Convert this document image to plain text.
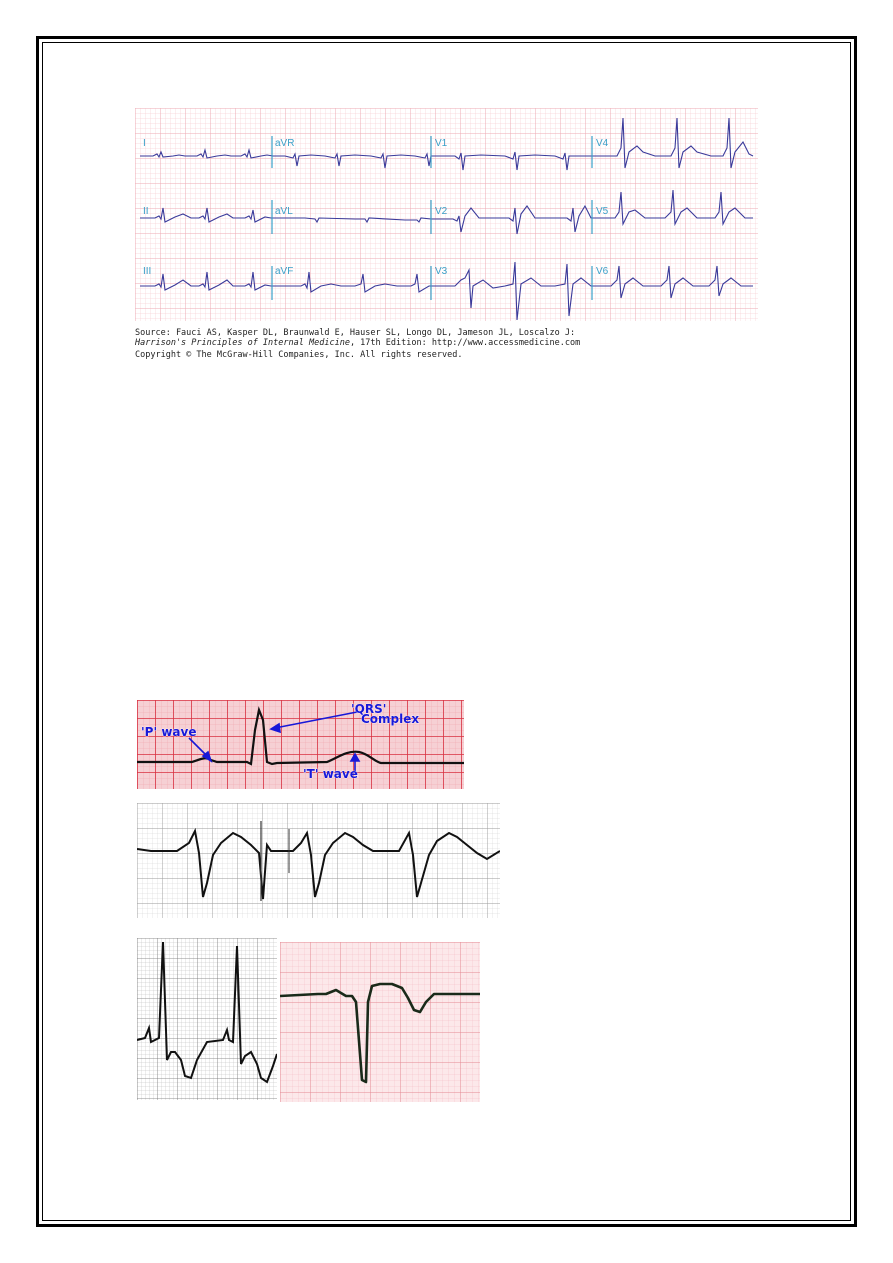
I	aVR	V1	V4
II	aVL	V2	V5
III	aVF	V3	V6
Source: Fauci AS, Kasper DL, Braunwald E, Hauser SL, Longo DL, Jameson JL, Loscalzo J:
Harrison's Principles of Internal Medicine, 17th Edition: http://www.accessmedicine.com
Copyright © The McGraw-Hill Companies, Inc. All rights reserved.
'P' wave
'QRS'
Complex
'T' wave
